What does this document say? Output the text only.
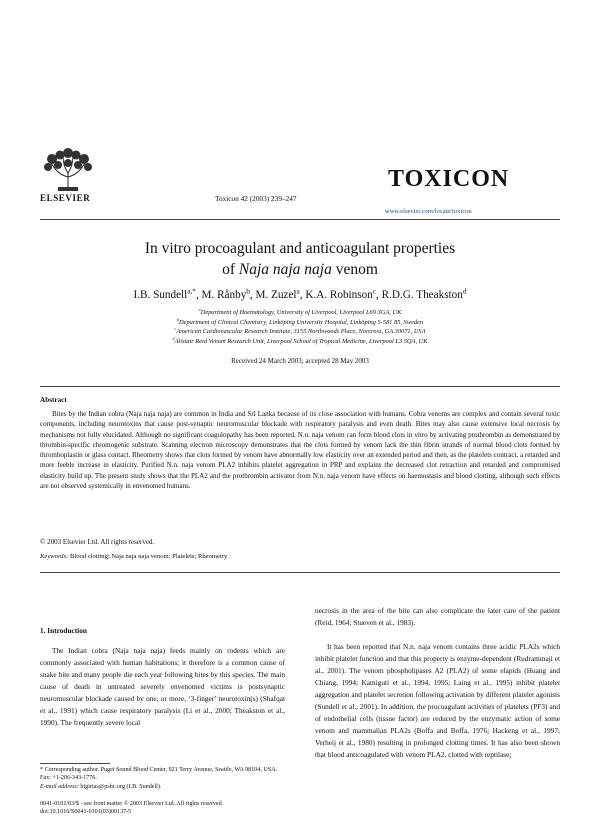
ELSEVIER	Toxicon 42 (2003) 239–247
TOXICON
www.elsevier.com/locate/toxicon
In vitro procoagulant and anticoagulant properties
of Naja naja naja venom
I.B. Sundell$^{a,*}$, M. Rånby$^b$, M. Zuzel$^a$, K.A. Robinson$^c$, R.D.G. Theakston$^d$
$^a$Department of Haematology, University of Liverpool, Liverpool L69 3GA, UK
$^b$Department of Clinical Chemistry, Linköping University Hospital, Linköping S-581 85, Sweden
$^c$American Cardiovascular Research Institute, 3155 Northwoods Place, Norcross, GA 30071, USA
$^d$Alistair Reid Venom Research Unit, Liverpool School of Tropical Medicine, Liverpool L3 5QA, UK
Received 24 March 2003; accepted 28 May 2003
Abstract
Bites by the Indian cobra (Naja naja naja) are common in India and Sri Lanka because of its close association with humans. Cobra venoms are complex and contain several toxic components, including neurotoxins that cause post-synaptic neuromuscular blockade with respiratory paralysis and even death. Bites may also cause extensive local necrosis by mechanisms not fully elucidated. Although no significant coagulopathy has been reported, N.n. naja venom can form blood clots in vitro by activating prothrombin as demonstrated by thrombin-specific chromogenic substrate. Scanning electron microscopy demonstrates that the clots formed by venom lack the thin fibrin strands of normal blood clots formed by thromboplastin or glass contact. Rheometry shows that clots formed by venom have abnormally low elasticity over an extended period and then, as the platelets contract, a retarded and more feeble increase in elasticity. Purified N.n. naja venom PLA2 inhibits platelet aggregation in PRP and explains the decreased clot retraction and retarded and compromised elasticity build up. The present study shows that the PLA2 and the prothrombin activator from N.n. naja venom have effects on haemostasis and blood clotting, although such effects are not observed systemically in envenomed humans.
© 2003 Elsevier Ltd. All rights reserved.
Keywords: Blood clotting; Naja naja naja venom; Platelets; Rheometry
1. Introduction
The Indian cobra (Naja naja naja) feeds mainly on rodents which are commonly associated with human habitations; it therefore is a common cause of snake bite and many people die each year following bites by this species. The main cause of death in untreated severely envenomed victims is postsynaptic neuromuscular blockade caused by one, or more, ‘3-finger’ neurotoxin(s) (Shafqat et al., 1991) which cause respiratory paralysis (Li et al., 2000; Theakston et al., 1990). The frequently severe local
necrosis in the area of the bite can also complicate the later care of the patient (Reid, 1964; Stueven et al., 1983).
It has been reported that N.n. naja venom contains three acidic PLA2s which inhibit platelet function and that this property is enzyme-dependent (Rudrammaji et al., 2001). The venom phospholipases A2 (PLA2) of some elapids (Huang and Chiang, 1994; Kamiguti et al., 1994, 1995; Laing et al., 1995) inhibit platelet aggregation and platelet secretion following activation by different platelet agonists (Sundell et al., 2001). In addition, the procoagulant activities of platelets (PF3) and of endothelial cells (tissue factor) are reduced by the enzymatic action of some venom and mammalian PLA2s (Boffa and Boffa, 1976; Hackeng et al., 1997; Verheij et al., 1980) resulting in prolonged clotting times. It has also been shown that blood anticoagulated with venom PLA2, clotted with reptilase;
* Corresponding author. Puget Sound Blood Center, 921 Terry Avenue, Seattle, WA 98104, USA. Fax: +1-206-343-1776.
E-mail address: bigirtas@psbc.org (I.B. Sundell).
0041-0101/03/$ - see front matter © 2003 Elsevier Ltd. All rights reserved.
doi:10.1016/S0041-0101(03)00137-5
